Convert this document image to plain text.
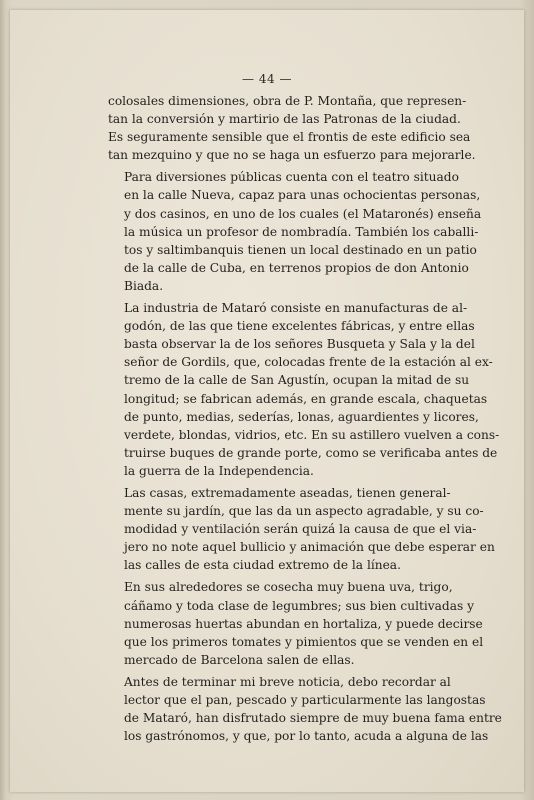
— 44 —

colosales dimensiones, obra de P. Montaña, que represen-
tan la conversión y martirio de las Patronas de la ciudad.
Es seguramente sensible que el frontis de este edificio sea
tan mezquino y que no se haga un esfuerzo para mejorarle.

Para diversiones públicas cuenta con el teatro situado
en la calle Nueva, capaz para unas ochocientas personas,
y dos casinos, en uno de los cuales (el Mataronés) enseña
la música un profesor de nombradía. También los caballi-
tos y saltimbanquis tienen un local destinado en un patio
de la calle de Cuba, en terrenos propios de don Antonio
Biada.

La industria de Mataró consiste en manufacturas de al-
godón, de las que tiene excelentes fábricas, y entre ellas
basta observar la de los señores Busqueta y Sala y la del
señor de Gordils, que, colocadas frente de la estación al ex-
tremo de la calle de San Agustín, ocupan la mitad de su
longitud; se fabrican además, en grande escala, chaquetas
de punto, medias, sederías, lonas, aguardientes y licores,
verdete, blondas, vidrios, etc. En su astillero vuelven a cons-
truirse buques de grande porte, como se verificaba antes de
la guerra de la Independencia.

Las casas, extremadamente aseadas, tienen general-
mente su jardín, que las da un aspecto agradable, y su co-
modidad y ventilación serán quizá la causa de que el via-
jero no note aquel bullicio y animación que debe esperar en
las calles de esta ciudad extremo de la línea.

En sus alrededores se cosecha muy buena uva, trigo,
cáñamo y toda clase de legumbres; sus bien cultivadas y
numerosas huertas abundan en hortaliza, y puede decirse
que los primeros tomates y pimientos que se venden en el
mercado de Barcelona salen de ellas.

Antes de terminar mi breve noticia, debo recordar al
lector que el pan, pescado y particularmente las langostas
de Mataró, han disfrutado siempre de muy buena fama entre
los gastrónomos, y que, por lo tanto, acuda a alguna de las
